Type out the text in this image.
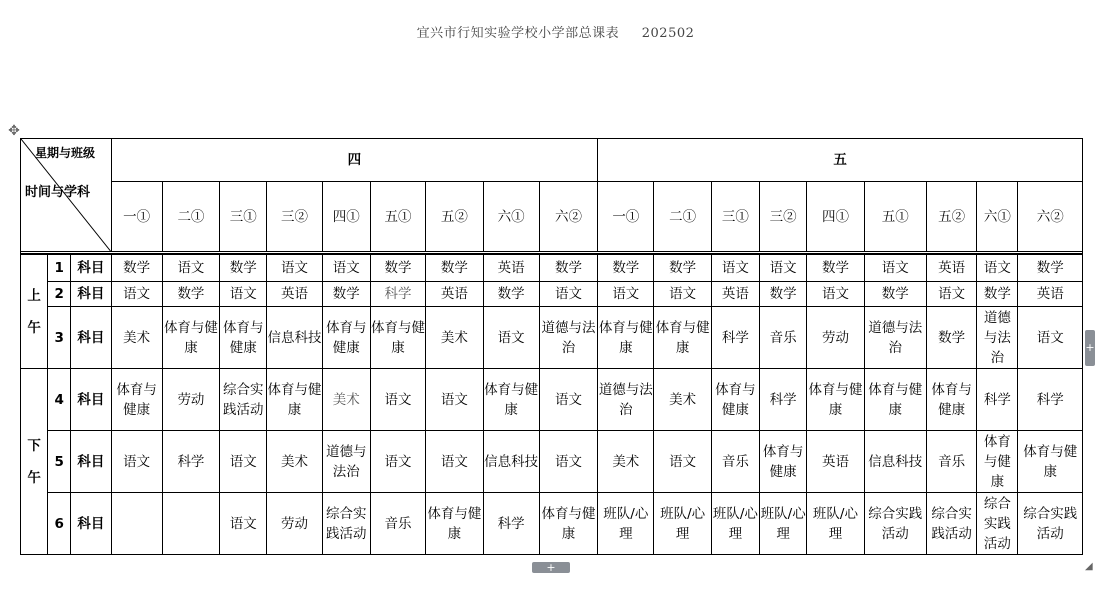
宜兴市行知实验学校小学部总课表 202502
✥
星期与班级
时间与学科			四									五								
			一①	二①	三①	三②	四①	五①	五②	六①	六②	一①	二①	三①	三②	四①	五①	五②	六①	六②

上午	1	科目	数学	语文	数学	语文	语文	数学	数学	英语	数学	数学	数学	语文	语文	数学	语文	英语	语文	数学
	2	科目	语文	数学	语文	英语	数学	科学	英语	数学	语文	语文	语文	英语	数学	语文	数学	语文	数学	英语
	3	科目	美术	体育与健康	体育与健康	信息科技	体育与健康	体育与健康	美术	语文	道德与法治	体育与健康	体育与健康	科学	音乐	劳动	道德与法治	数学	道德与法治	语文
下午	4	科目	体育与健康	劳动	综合实践活动	体育与健康	美术	语文	语文	体育与健康	语文	道德与法治	美术	体育与健康	科学	体育与健康	体育与健康	体育与健康	科学	科学
	5	科目	语文	科学	语文	美术	道德与法治	语文	语文	信息科技	语文	美术	语文	音乐	体育与健康	英语	信息科技	音乐	体育与健康	体育与健康
	6	科目			语文	劳动	综合实践活动	音乐	体育与健康	科学	体育与健康	班队/心理	班队/心理	班队/心理	班队/心理	班队/心理	综合实践活动	综合实践活动	综合实践活动	综合实践活动
+
+	◢
